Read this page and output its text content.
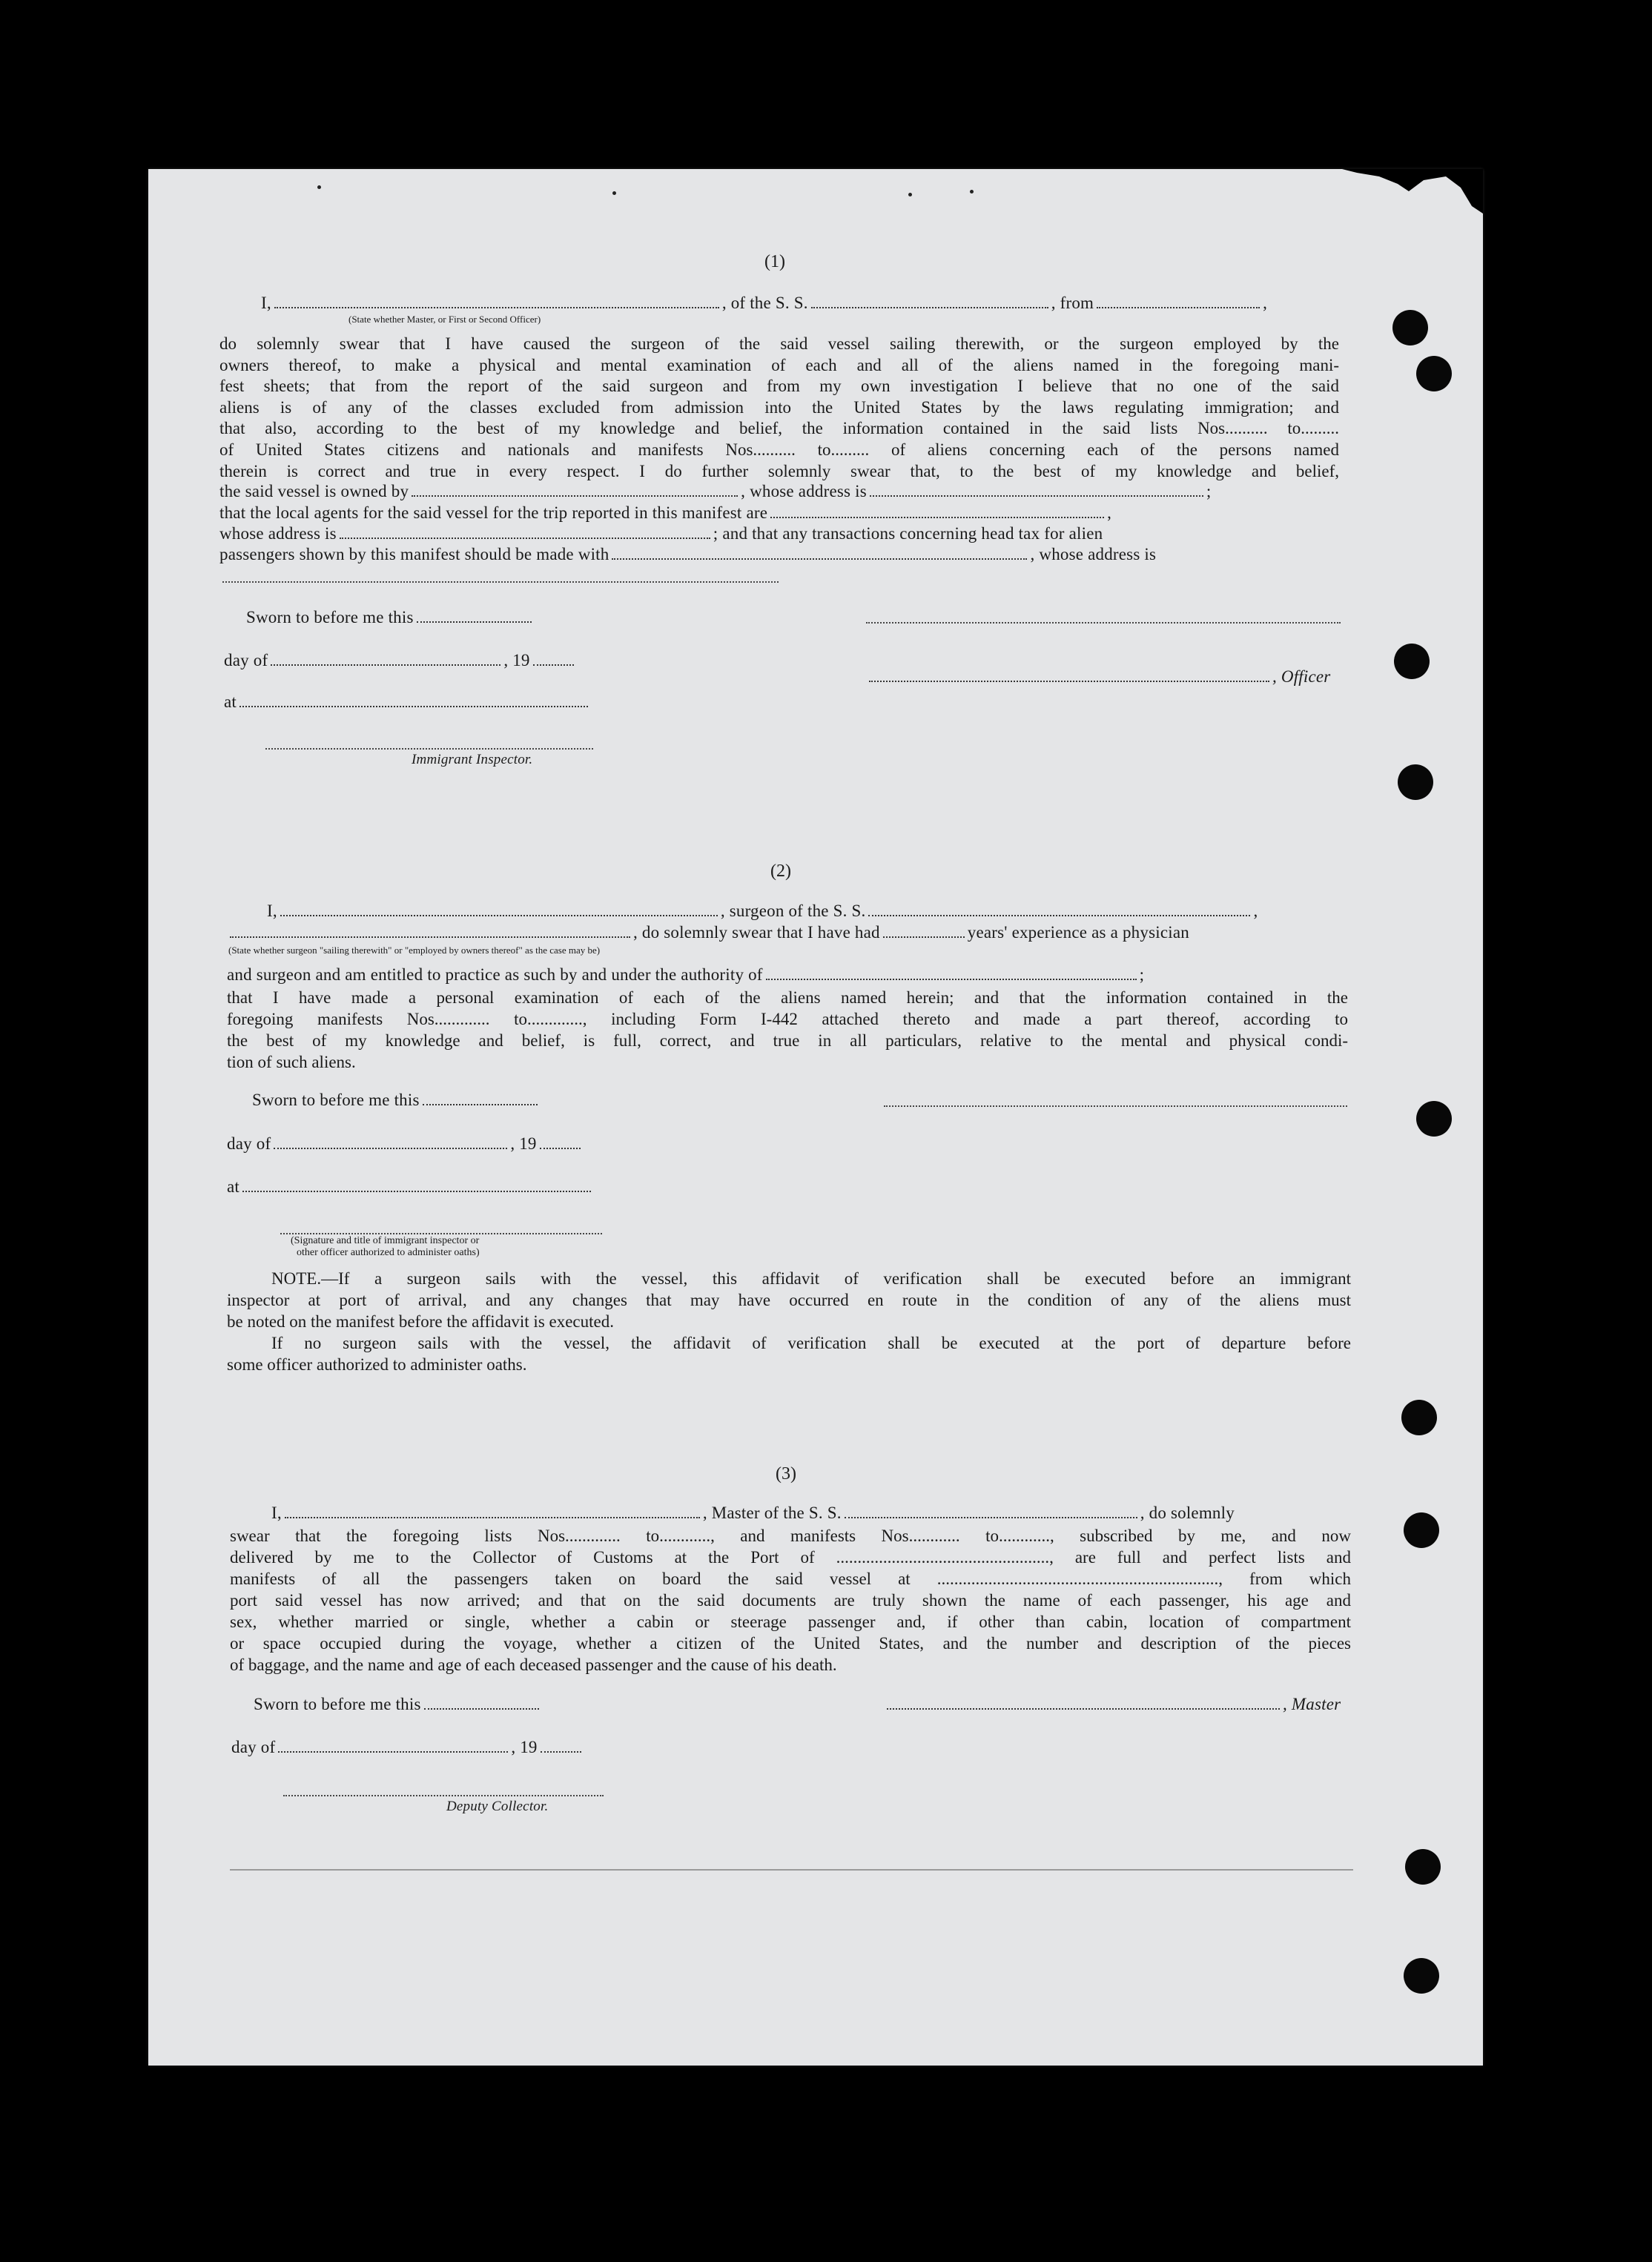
(1)
I,	, of the S. S.	, from	,
(State whether Master, or First or Second Officer)
do solemnly swear that I have caused the surgeon of the said vessel sailing therewith, or the surgeon employed by the
owners thereof, to make a physical and mental examination of each and all of the aliens named in the foregoing mani-
fest sheets; that from the report of the said surgeon and from my own investigation I believe that no one of the said
aliens is of any of the classes excluded from admission into the United States by the laws regulating immigration; and
that also, according to the best of my knowledge and belief, the information contained in the said lists Nos.......... to.........
of United States citizens and nationals and manifests Nos.......... to......... of aliens concerning each of the persons named
therein is correct and true in every respect. I do further solemnly swear that, to the best of my knowledge and belief,
the said vessel is owned by	, whose address is	;
that the local agents for the said vessel for the trip reported in this manifest are	,
whose address is	; and that any transactions concerning head tax for alien
passengers shown by this manifest should be made with	, whose address is
Sworn to before me this
day of	, 19
, Officer
at
Immigrant Inspector.
(2)
I,	, surgeon of the S. S.	,
, do solemnly swear that I have had	years' experience as a physician
(State whether surgeon "sailing therewith" or "employed by owners thereof" as the case may be)
and surgeon and am entitled to practice as such by and under the authority of	;
that I have made a personal examination of each of the aliens named herein; and that the information contained in the
foregoing manifests Nos............. to............., including Form I-442 attached thereto and made a part thereof, according to
the best of my knowledge and belief, is full, correct, and true in all particulars, relative to the mental and physical condi-
tion of such aliens.
Sworn to before me this
day of	, 19
at
(Signature and title of immigrant inspector or
other officer authorized to administer oaths)
NOTE.—If a surgeon sails with the vessel, this affidavit of verification shall be executed before an immigrant
inspector at port of arrival, and any changes that may have occurred en route in the condition of any of the aliens must
be noted on the manifest before the affidavit is executed.
If no surgeon sails with the vessel, the affidavit of verification shall be executed at the port of departure before
some officer authorized to administer oaths.
(3)
I,	, Master of the S. S.	, do solemnly
swear that the foregoing lists Nos............. to............, and manifests Nos............ to............, subscribed by me, and now
delivered by me to the Collector of Customs at the Port of .................................................., are full and perfect lists and
manifests of all the passengers taken on board the said vessel at .................................................................., from which
port said vessel has now arrived; and that on the said documents are truly shown the name of each passenger, his age and
sex, whether married or single, whether a cabin or steerage passenger and, if other than cabin, location of compartment
or space occupied during the voyage, whether a citizen of the United States, and the number and description of the pieces
of baggage, and the name and age of each deceased passenger and the cause of his death.
Sworn to before me this	, Master
day of	, 19
Deputy Collector.
